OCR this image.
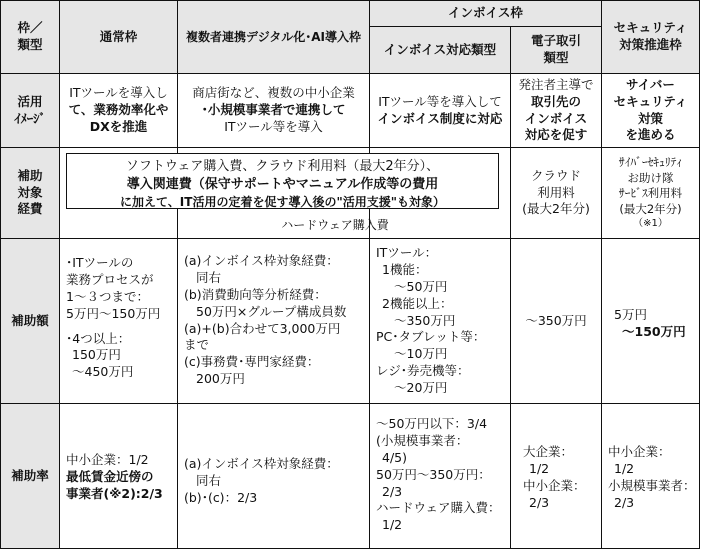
枠／
類型
通常枠	複数者連携デジタル化･AI導入枠
インボイス枠
インボイス対応類型
電子取引
類型
セキュリティ
対策推進枠
活用
ｲﾒｰｼﾞ
ITツールを導入し
て、業務効率化や
DXを推進
商店街など、複数の中小企業
･小規模事業者で連携して
ITツール等を導入
ITツール等を導入して
インボイス制度に対応
発注者主導で
取引先の
インボイス
対応を促す
サイバー
セキュリティ
対策
を進める
補助
対象
経費
クラウド
利用料
(最大2年分)
ｻｲﾊﾞｰｾｷｭﾘﾃｨ
お助け隊
ｻｰﾋﾞｽ利用料
(最大2年分)
（※1）
ソフトウェア購入費、クラウド利用料（最大2年分）、
導入関連費（保守サポートやマニュアル作成等の費用
に加えて、IT活用の定着を促す導入後の"活用支援"も対象）
ハードウェア購入費
補助額
･ITツールの
業務プロセスが
1～３つまで：
5万円～150万円
･4つ以上：
150万円
～450万円
(a)インボイス枠対象経費：
同右
(b)消費動向等分析経費：
50万円×グループ構成員数
(a)+(b)合わせて3,000万円
まで
(c)事務費･専門家経費：
200万円
ITツール：
1機能：
～50万円
2機能以上：
～350万円
PC･タブレット等：
～10万円
レジ･券売機等：
～20万円
～350万円	5万円
～150万円
補助率
中小企業：1/2
最低賃金近傍の
事業者(※2):2/3
(a)インボイス枠対象経費：
同右
(b)･(c)：2/3
～50万円以下：3/4
(小規模事業者：
4/5)
50万円～350万円：
2/3
ハードウェア購入費：
1/2
大企業：
1/2
中小企業：
2/3
中小企業：
1/2
小規模事業者：
2/3
